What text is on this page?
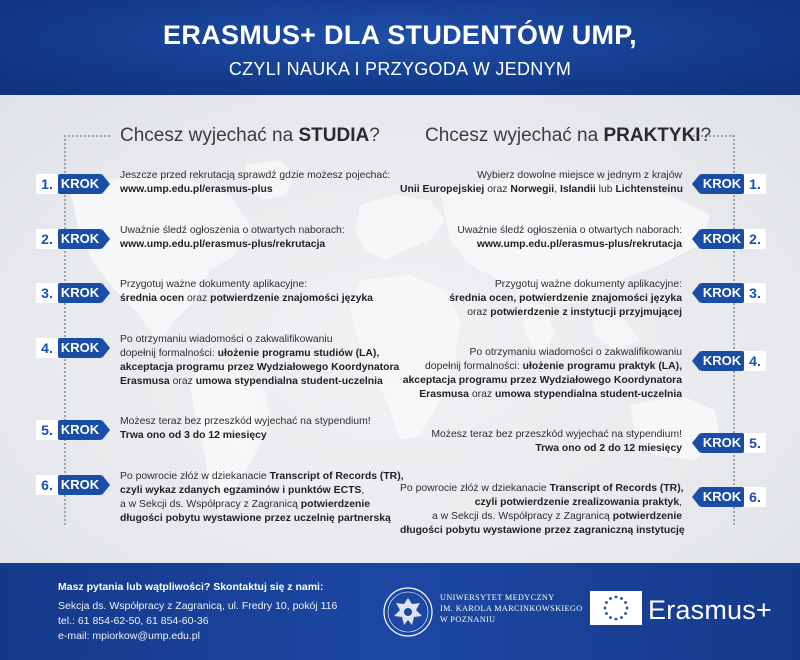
ERASMUS+ DLA STUDENTÓW UMP,
CZYLI NAUKA I PRZYGODA W JEDNYM
Chcesz wyjechać na STUDIA? Chcesz wyjechać na PRAKTYKI?
1. KROK
Jeszcze przed rekrutacją sprawdź gdzie możesz pojechać:
www.ump.edu.pl/erasmus-plus
2. KROK
Uważnie śledź ogłoszenia o otwartych naborach:
www.ump.edu.pl/erasmus-plus/rekrutacja
3. KROK
Przygotuj ważne dokumenty aplikacyjne:
średnia ocen oraz potwierdzenie znajomości języka
4. KROK
Po otrzymaniu wiadomości o zakwalifikowaniu
dopełnij formalności: ułożenie programu studiów (LA),
akceptacja programu przez Wydziałowego Koordynatora
Erasmusa oraz umowa stypendialna student-uczelnia
5. KROK
Możesz teraz bez przeszkód wyjechać na stypendium!
Trwa ono od 3 do 12 miesięcy
6. KROK
Po powrocie złóż w dziekanacie Transcript of Records (TR),
czyli wykaz zdanych egzaminów i punktów ECTS,
a w Sekcji ds. Współpracy z Zagranicą potwierdzenie
długości pobytu wystawione przez uczelnię partnerską
KROK 1.
Wybierz dowolne miejsce w jednym z krajów
Unii Europejskiej oraz Norwegii, Islandii lub Lichtensteinu
KROK 2.
Uważnie śledź ogłoszenia o otwartych naborach:
www.ump.edu.pl/erasmus-plus/rekrutacja
KROK 3.
Przygotuj ważne dokumenty aplikacyjne:
średnia ocen, potwierdzenie znajomości języka
oraz potwierdzenie z instytucji przyjmującej
KROK 4.
Po otrzymaniu wiadomości o zakwalifikowaniu
dopełnij formalności: ułożenie programu praktyk (LA),
akceptacja programu przez Wydziałowego Koordynatora
Erasmusa oraz umowa stypendialna student-uczelnia
KROK 5.
Możesz teraz bez przeszkód wyjechać na stypendium!
Trwa ono od 2 do 12 miesięcy
KROK 6.
Po powrocie złóż w dziekanacie Transcript of Records (TR),
czyli potwierdzenie zrealizowania praktyk,
a w Sekcji ds. Współpracy z Zagranicą potwierdzenie
długości pobytu wystawione przez zagraniczną instytucję
Masz pytania lub wątpliwości? Skontaktuj się z nami:
Sekcja ds. Współpracy z Zagranicą, ul. Fredry 10, pokój 116
tel.: 61 854-62-50, 61 854-60-36
e-mail: mpiorkow@ump.edu.pl
UNIWERSYTET MEDYCZNY
IM. KAROLA MARCINKOWSKIEGO
W POZNANIU	Erasmus+
